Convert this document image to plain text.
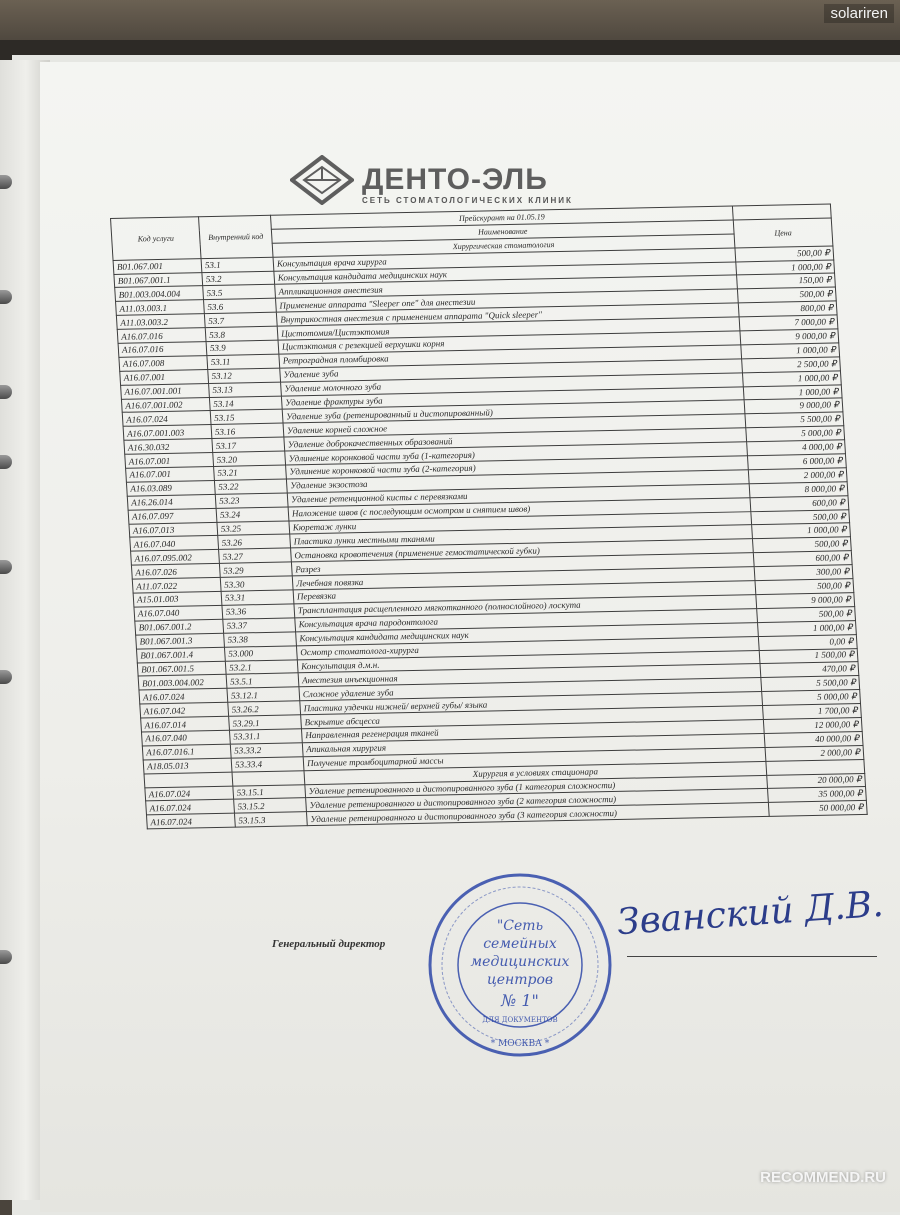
solariren
ДЕНТО-ЭЛЬ
СЕТЬ СТОМАТОЛОГИЧЕСКИХ КЛИНИК
Код услуги	Внутренний код	Прейскурант на 01.05.19	
		Наименование	Цена
		Хирургическая стоматология	
B01.067.001	53.1	Консультация врача хирурга	500,00 ₽
B01.067.001.1	53.2	Консультация кандидата медицинских наук	1 000,00 ₽
B01.003.004.004	53.5	Аппликационная анестезия	150,00 ₽
A11.03.003.1	53.6	Применение аппарата "Sleeper one" для анестезии	500,00 ₽
A11.03.003.2	53.7	Внутрикостная анестезия с применением аппарата "Quick sleeper"	800,00 ₽
A16.07.016	53.8	Цистотомия/Цистэктомия	7 000,00 ₽
A16.07.016	53.9	Цистэктомия с резекцией верхушки корня	9 000,00 ₽
A16.07.008	53.11	Ретроградная пломбировка	1 000,00 ₽
A16.07.001	53.12	Удаление зуба	2 500,00 ₽
A16.07.001.001	53.13	Удаление молочного зуба	1 000,00 ₽
A16.07.001.002	53.14	Удаление фрактуры зуба	1 000,00 ₽
A16.07.024	53.15	Удаление зуба (ретенированный и дистопированный)	9 000,00 ₽
A16.07.001.003	53.16	Удаление корней сложное	5 500,00 ₽
A16.30.032	53.17	Удаление доброкачественных образований	5 000,00 ₽
A16.07.001	53.20	Удлинение коронковой части зуба (1-категория)	4 000,00 ₽
A16.07.001	53.21	Удлинение коронковой части зуба (2-категория)	6 000,00 ₽
A16.03.089	53.22	Удаление экзостоза	2 000,00 ₽
A16.26.014	53.23	Удаление ретенционной кисты с перевязками	8 000,00 ₽
A16.07.097	53.24	Наложение швов (с последующим осмотром и снятием швов)	600,00 ₽
A16.07.013	53.25	Кюретаж лунки	500,00 ₽
A16.07.040	53.26	Пластика лунки местными тканями	1 000,00 ₽
A16.07.095.002	53.27	Остановка кровотечения (применение гемостатической губки)	500,00 ₽
A16.07.026	53.29	Разрез	600,00 ₽
A11.07.022	53.30	Лечебная повязка	300,00 ₽
A15.01.003	53.31	Перевязка	500,00 ₽
A16.07.040	53.36	Трансплантация расщепленного мягкотканного (полнослойного) лоскута	9 000,00 ₽
B01.067.001.2	53.37	Консультация врача пародонтолога	500,00 ₽
B01.067.001.3	53.38	Консультация кандидата медицинских наук	1 000,00 ₽
B01.067.001.4	53.000	Осмотр стоматолога-хирурга	0,00 ₽
B01.067.001.5	53.2.1	Консультация д.м.н.	1 500,00 ₽
B01.003.004.002	53.5.1	Анестезия инъекционная	470,00 ₽
A16.07.024	53.12.1	Сложное удаление зуба	5 500,00 ₽
A16.07.042	53.26.2	Пластика уздечки нижней/ верхней губы/ языка	5 000,00 ₽
A16.07.014	53.29.1	Вскрытие абсцесса	1 700,00 ₽
A16.07.040	53.31.1	Направленная регенерация тканей	12 000,00 ₽
A16.07.016.1	53.33.2	Апикальная хирургия	40 000,00 ₽
A18.05.013	53.33.4	Получение тромбоцитарной массы	2 000,00 ₽
		Хирургия в условиях стационара	
A16.07.024	53.15.1	Удаление ретенированного и дистопированного зуба (1 категория сложности)	20 000,00 ₽
A16.07.024	53.15.2	Удаление ретенированного и дистопированного зуба (2 категория сложности)	35 000,00 ₽
A16.07.024	53.15.3	Удаление ретенированного и дистопированного зуба (3 категория сложности)	50 000,00 ₽
Генеральный директор
Званский Д.В.
"Сеть
семейных
медицинских
центров
№ 1"
ДЛЯ ДОКУМЕНТОВ
* МОСКВА *
RECOMMEND.RU
